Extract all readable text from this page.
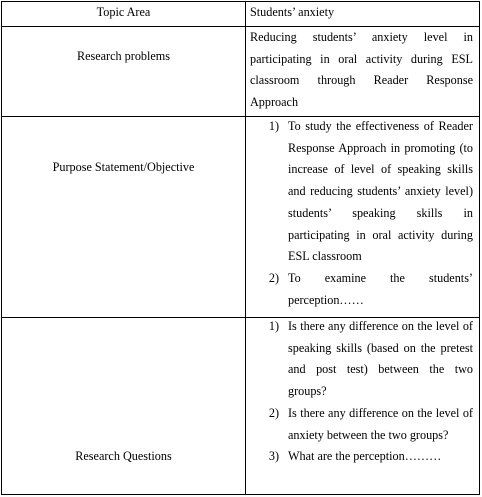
Topic Area	Students’ anxiety
Research problems

Reducing students’ anxiety level in participating in oral activity during ESL classroom through Reader Response Approach

Purpose Statement/Objective
1) To study the effectiveness of Reader Response Approach in promoting (to increase of level of speaking skills and reducing students’ anxiety level) students’ speaking skills in participating in oral activity during ESL classroom

2) To examine the students’ perception……

Research Questions
1) Is there any difference on the level of speaking skills (based on the pretest and post test) between the two groups?

2) Is there any difference on the level of anxiety between the two groups?

3) What are the perception………
